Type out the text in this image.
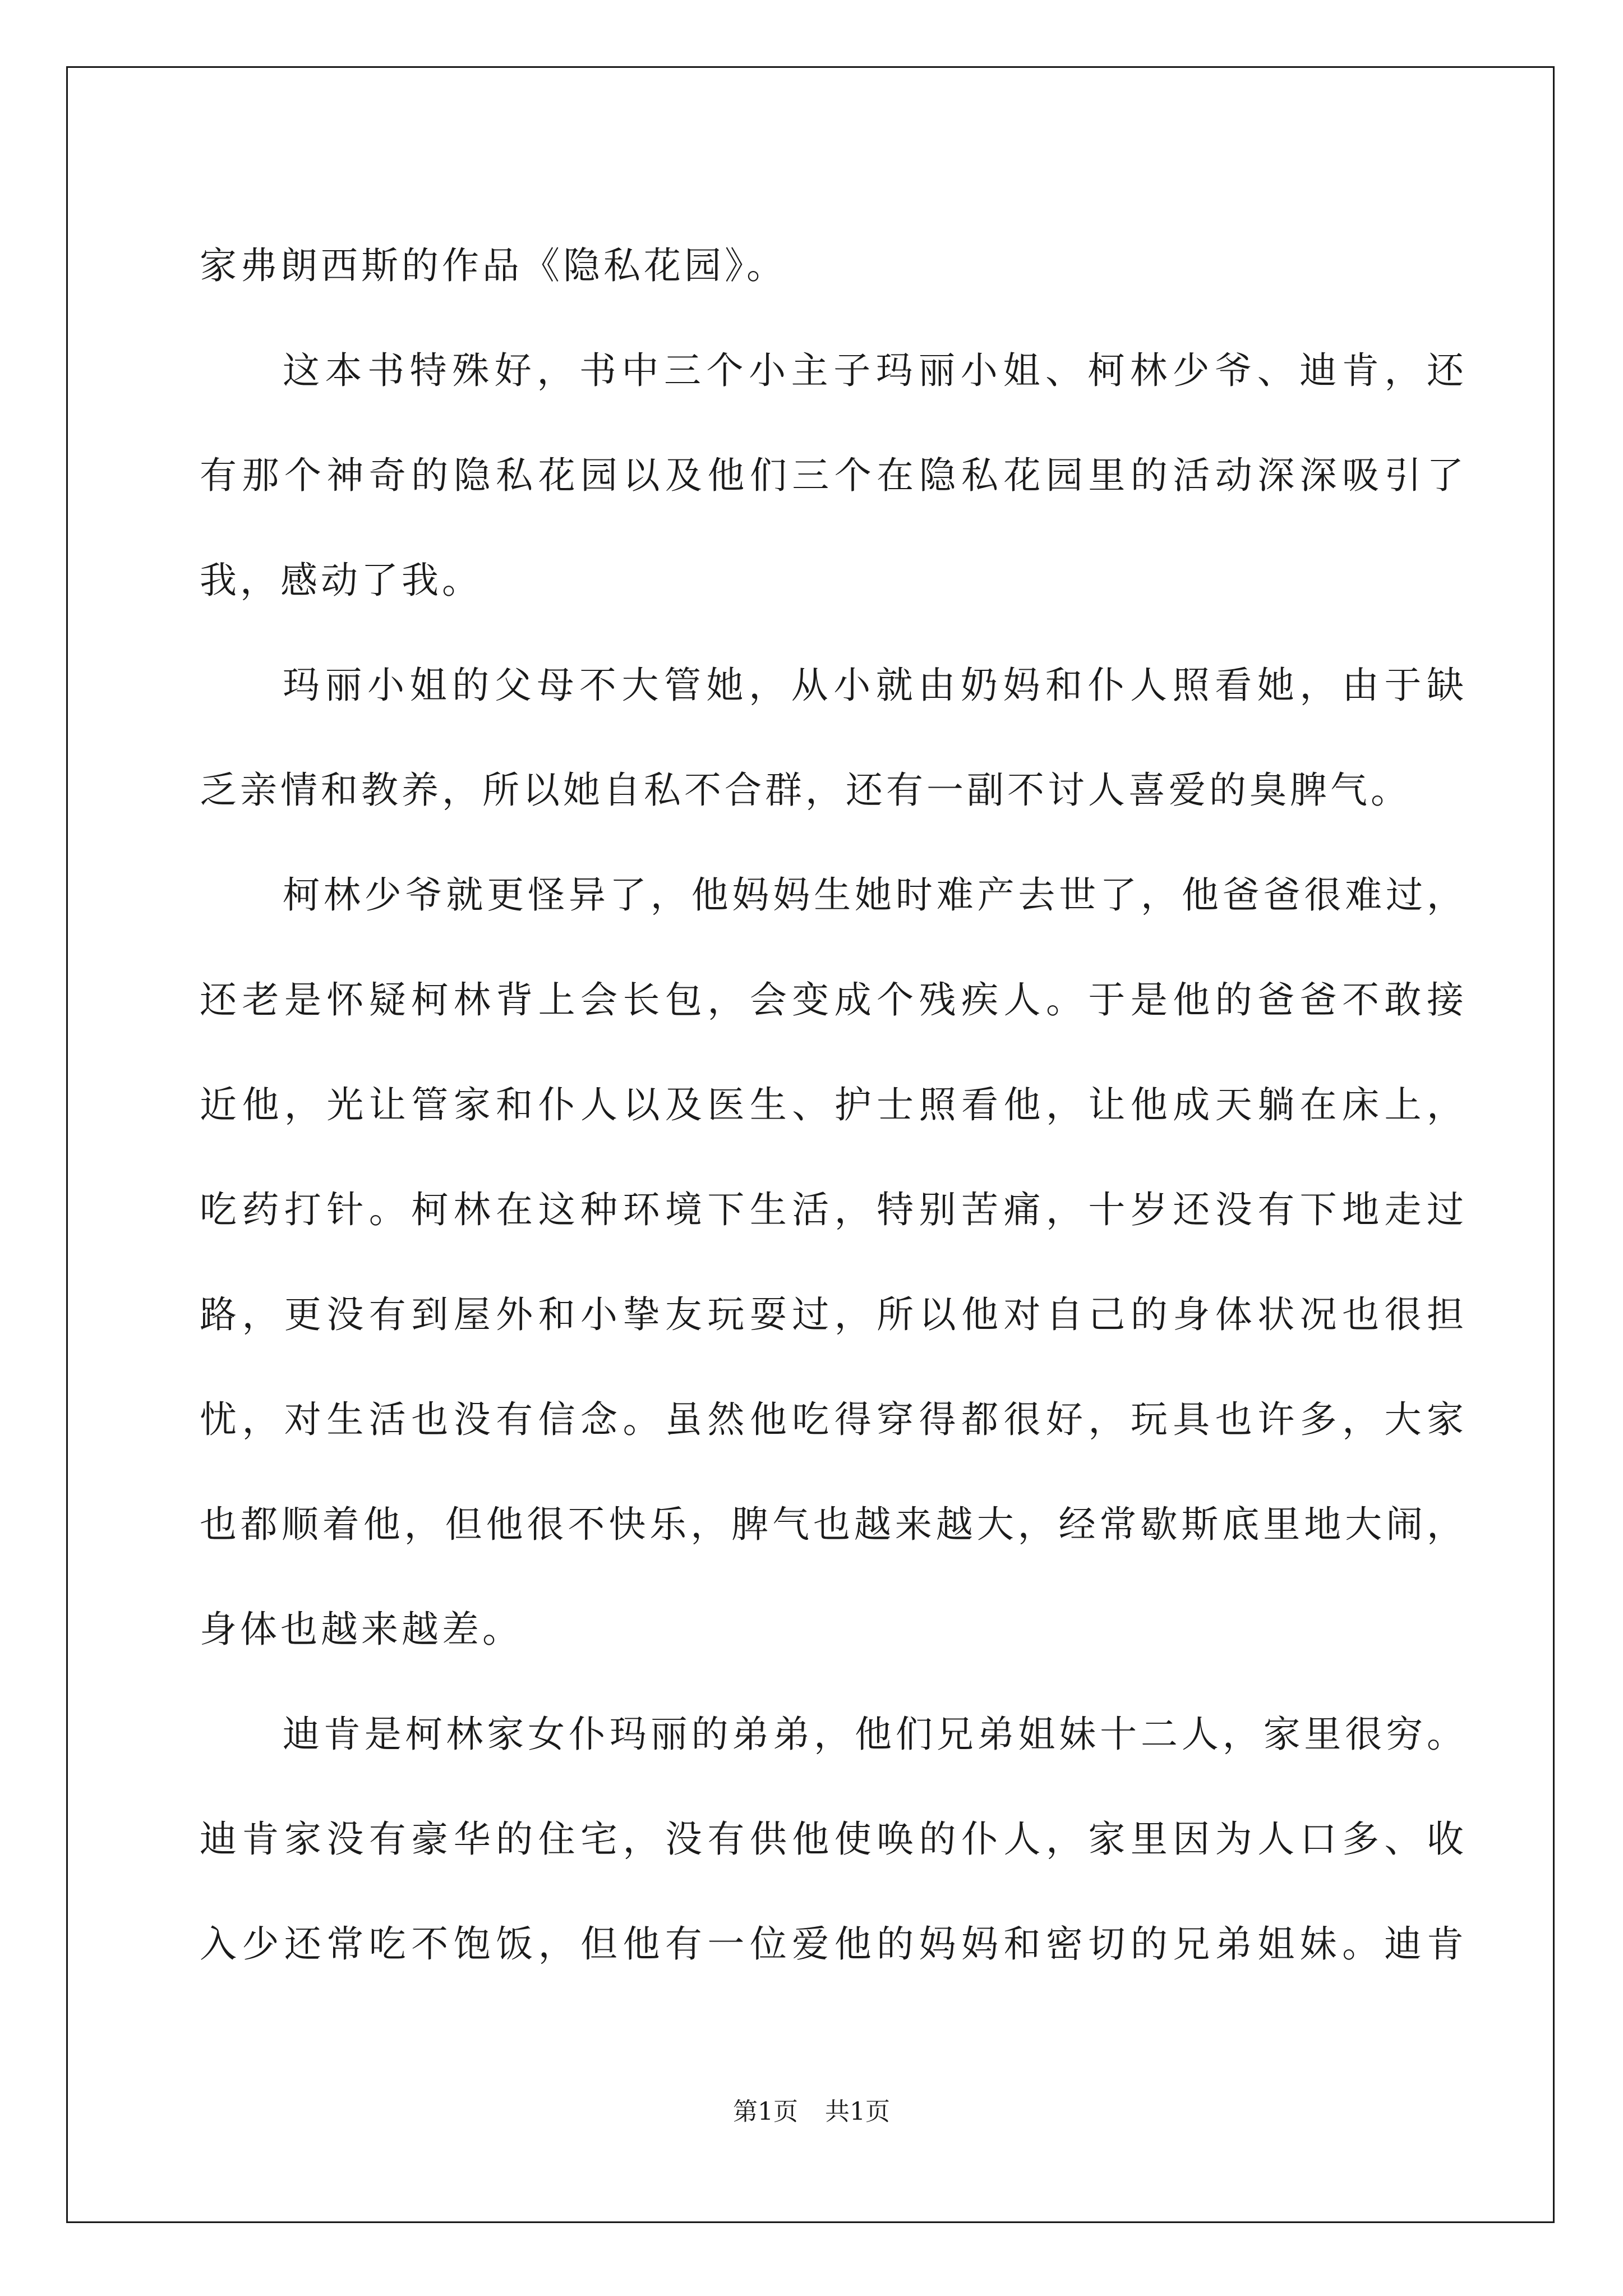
家弗朗西斯的作品《隐私花园》。
这本书特殊好，书中三个小主子玛丽小姐、柯林少爷、迪肯，还
有那个神奇的隐私花园以及他们三个在隐私花园里的活动深深吸引了
我，感动了我。
玛丽小姐的父母不大管她，从小就由奶妈和仆人照看她，由于缺
乏亲情和教养，所以她自私不合群，还有一副不讨人喜爱的臭脾气。
柯林少爷就更怪异了，他妈妈生她时难产去世了，他爸爸很难过，
还老是怀疑柯林背上会长包，会变成个残疾人。于是他的爸爸不敢接
近他，光让管家和仆人以及医生、护士照看他，让他成天躺在床上，
吃药打针。柯林在这种环境下生活，特别苦痛，十岁还没有下地走过
路，更没有到屋外和小挚友玩耍过，所以他对自己的身体状况也很担
忧，对生活也没有信念。虽然他吃得穿得都很好，玩具也许多，大家
也都顺着他，但他很不快乐，脾气也越来越大，经常歇斯底里地大闹，
身体也越来越差。
迪肯是柯林家女仆玛丽的弟弟，他们兄弟姐妹十二人，家里很穷。
迪肯家没有豪华的住宅，没有供他使唤的仆人，家里因为人口多、收
入少还常吃不饱饭，但他有一位爱他的妈妈和密切的兄弟姐妹。迪肯
第1页 共1页
